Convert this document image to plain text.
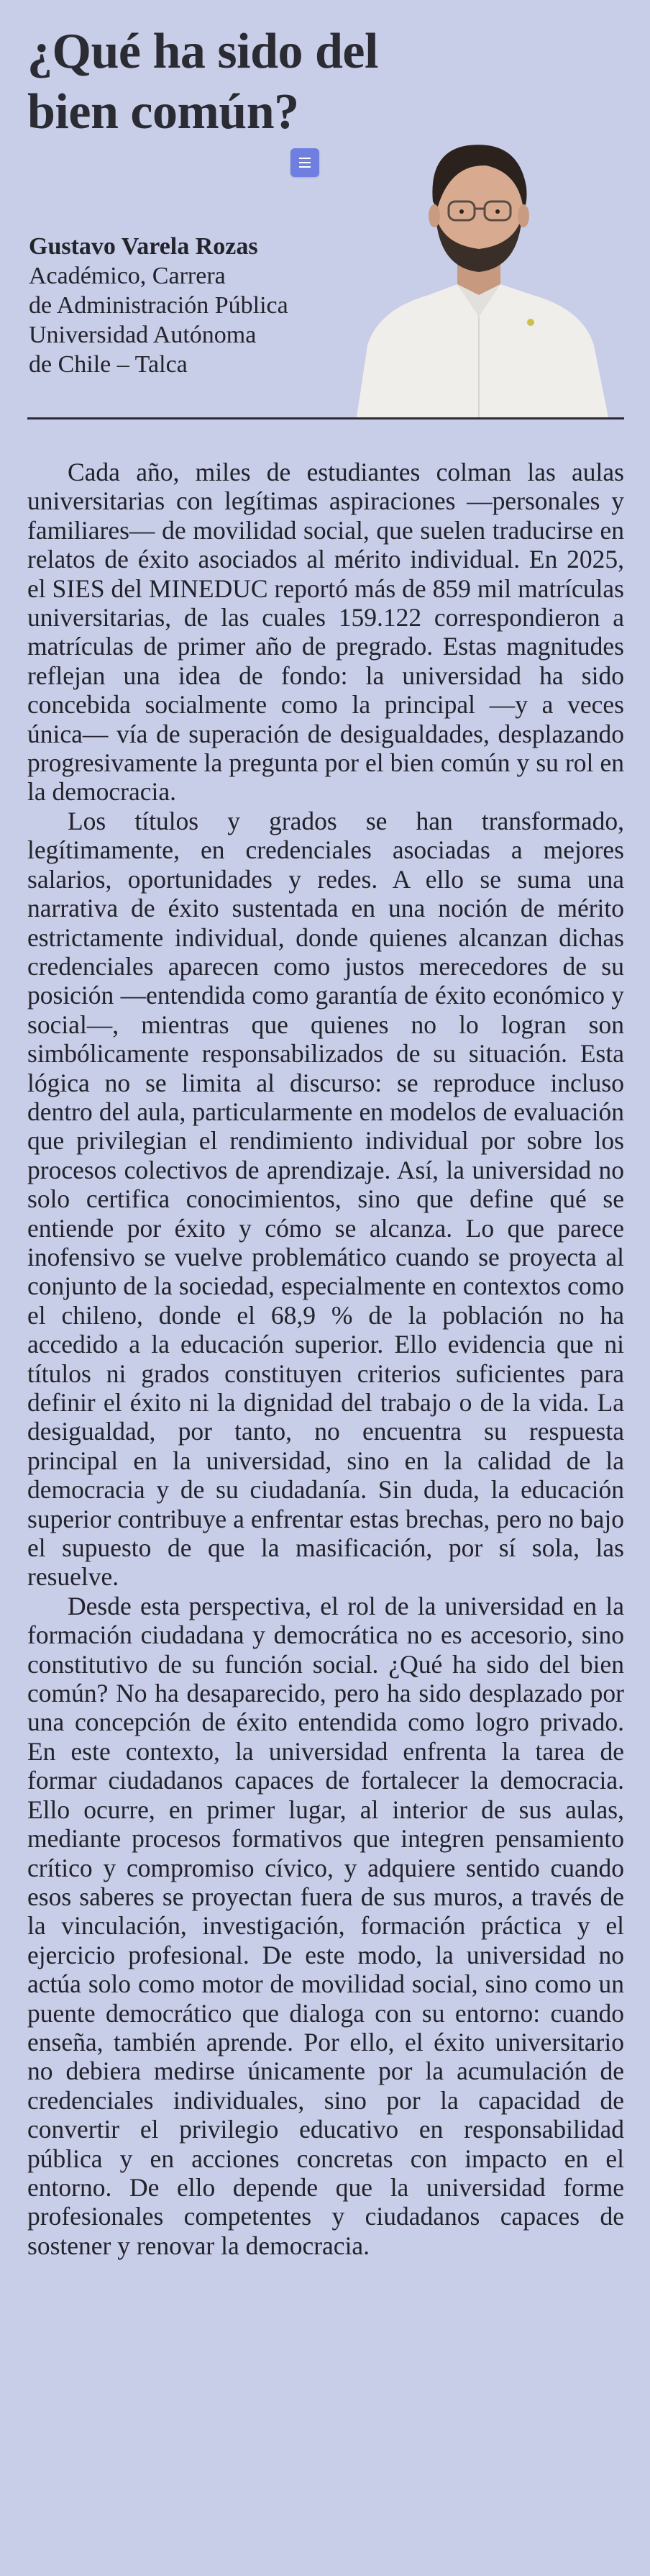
¿Qué ha sido del bien común?
Gustavo Varela Rozas
Académico, Carrera
de Administración Pública
Universidad Autónoma
de Chile – Talca

Cada año, miles de estudiantes colman las aulas universitarias con legítimas aspiraciones —personales y familiares— de movilidad social, que suelen traducirse en relatos de éxito asociados al mérito individual. En 2025, el SIES del MINEDUC reportó más de 859 mil matrículas universitarias, de las cuales 159.122 correspondieron a matrículas de primer año de pregrado. Estas magnitudes reflejan una idea de fondo: la universidad ha sido concebida socialmente como la principal —y a veces única— vía de superación de desigualdades, desplazando progresivamente la pregunta por el bien común y su rol en la democracia.

Los títulos y grados se han transformado, legítimamente, en credenciales asociadas a mejores salarios, oportunidades y redes. A ello se suma una narrativa de éxito sustentada en una noción de mérito estrictamente individual, donde quienes alcanzan dichas credenciales aparecen como justos merecedores de su posición —entendida como garantía de éxito económico y social—, mientras que quienes no lo logran son simbólicamente responsabilizados de su situación. Esta lógica no se limita al discurso: se reproduce incluso dentro del aula, particularmente en modelos de evaluación que privilegian el rendimiento individual por sobre los procesos colectivos de aprendizaje. Así, la universidad no solo certifica conocimientos, sino que define qué se entiende por éxito y cómo se alcanza. Lo que parece inofensivo se vuelve problemático cuando se proyecta al conjunto de la sociedad, especialmente en contextos como el chileno, donde el 68,9 % de la población no ha accedido a la educación superior. Ello evidencia que ni títulos ni grados constituyen criterios suficientes para definir el éxito ni la dignidad del trabajo o de la vida. La desigualdad, por tanto, no encuentra su respuesta principal en la universidad, sino en la calidad de la democracia y de su ciudadanía. Sin duda, la educación superior contribuye a enfrentar estas brechas, pero no bajo el supuesto de que la masificación, por sí sola, las resuelve.

Desde esta perspectiva, el rol de la universidad en la formación ciudadana y democrática no es accesorio, sino constitutivo de su función social. ¿Qué ha sido del bien común? No ha desaparecido, pero ha sido desplazado por una concepción de éxito entendida como logro privado. En este contexto, la universidad enfrenta la tarea de formar ciudadanos capaces de fortalecer la democracia. Ello ocurre, en primer lugar, al interior de sus aulas, mediante procesos formativos que integren pensamiento crítico y compromiso cívico, y adquiere sentido cuando esos saberes se proyectan fuera de sus muros, a través de la vinculación, investigación, formación práctica y el ejercicio profesional. De este modo, la universidad no actúa solo como motor de movilidad social, sino como un puente democrático que dialoga con su entorno: cuando enseña, también aprende. Por ello, el éxito universitario no debiera medirse únicamente por la acumulación de credenciales individuales, sino por la capacidad de convertir el privilegio educativo en responsabilidad pública y en acciones concretas con impacto en el entorno. De ello depende que la universidad forme profesionales competentes y ciudadanos capaces de sostener y renovar la democracia.
